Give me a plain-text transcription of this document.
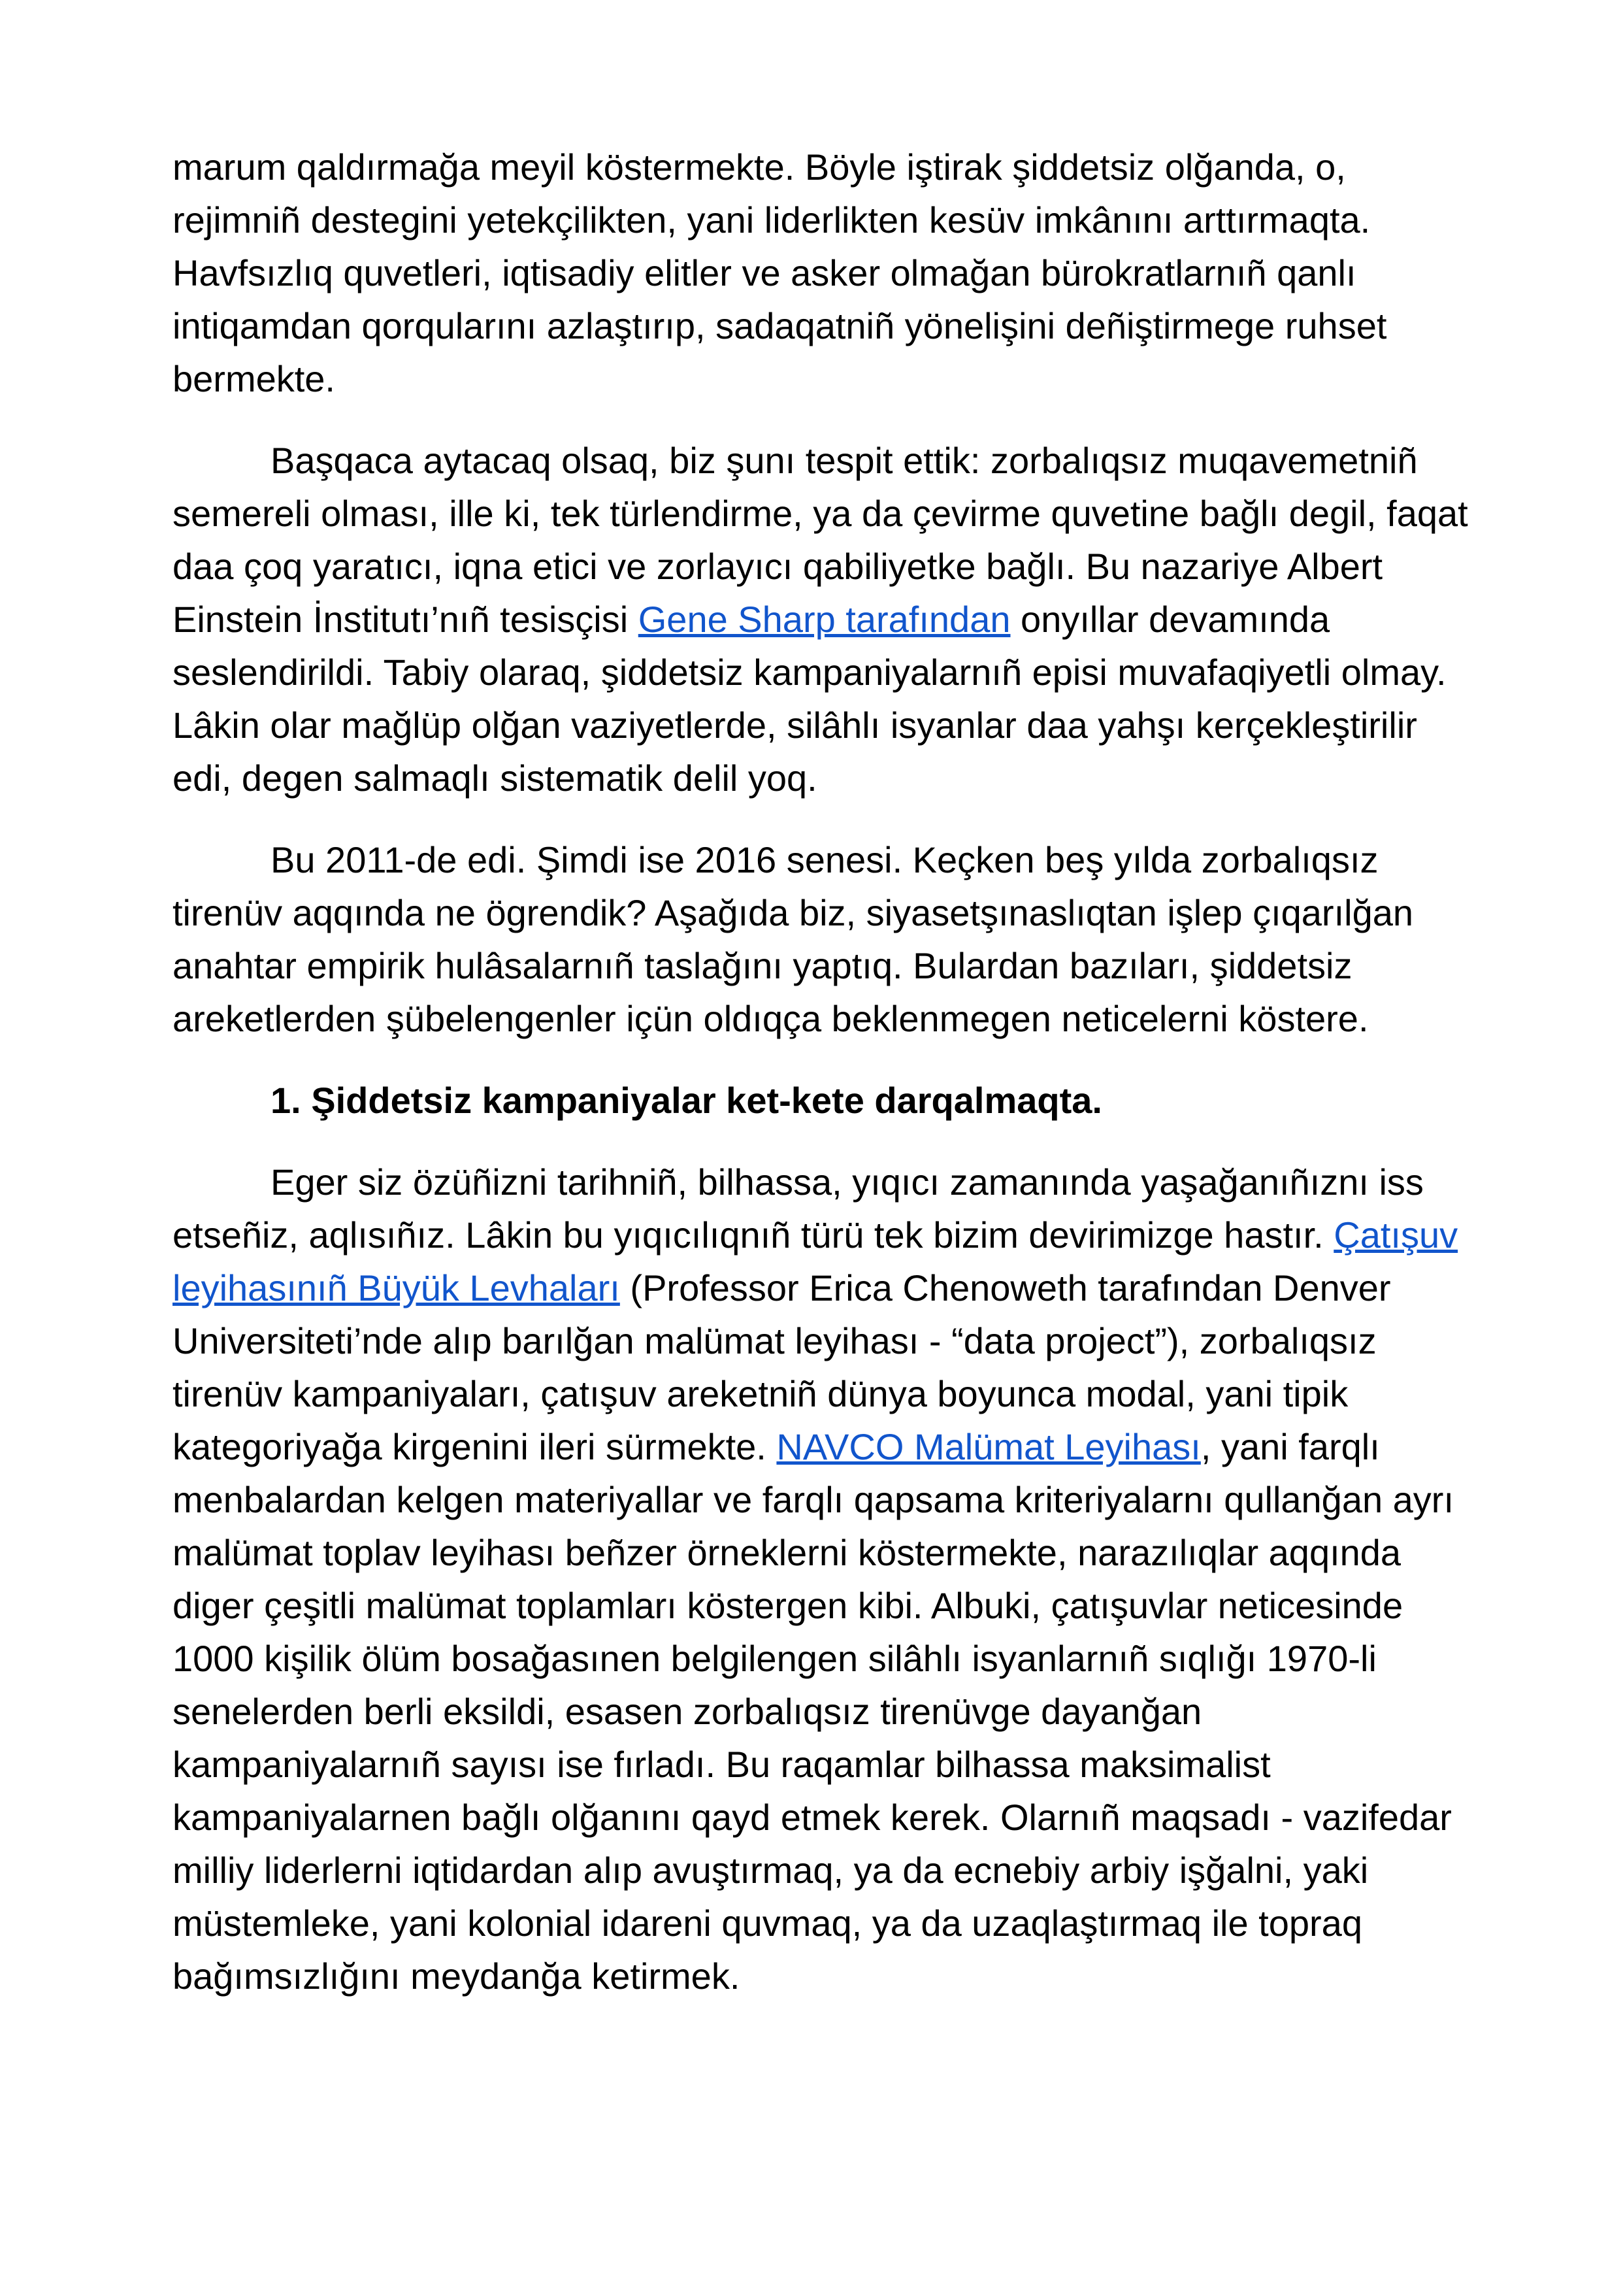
marum qaldırmağa meyil köstermekte. Böyle iştirak şiddetsiz olğanda, o, rejimniñ destegini yetekçilikten, yani liderlikten kesüv imkânını arttırmaqta. Havfsızlıq quvetleri, iqtisadiy elitler ve asker olmağan bürokratlarnıñ qanlı intiqamdan qorqularını azlaştırıp, sadaqatniñ yönelişini deñiştirmege ruhset bermekte.

Başqaca aytacaq olsaq, biz şunı tespit ettik: zorbalıqsız muqavemetniñ semereli olması, ille ki, tek türlendirme, ya da çevirme quvetine bağlı degil, faqat daa çoq yaratıcı, iqna etici ve zorlayıcı qabiliyetke bağlı. Bu nazariye Albert Einstein İnstitutı’nıñ tesisçisi Gene Sharp tarafından onyıllar devamında seslendirildi. Tabiy olaraq, şiddetsiz kampaniyalarnıñ episi muvafaqiyetli olmay. Lâkin olar mağlüp olğan vaziyetlerde, silâhlı isyanlar daa yahşı kerçekleştirilir edi, degen salmaqlı sistematik delil yoq.

Bu 2011-de edi. Şimdi ise 2016 senesi. Keçken beş yılda zorbalıqsız tirenüv aqqında ne ögrendik? Aşağıda biz, siyasetşınaslıqtan işlep çıqarılğan anahtar empirik hulâsalarnıñ taslağını yaptıq. Bulardan bazıları, şiddetsiz areketlerden şübelengenler içün oldıqça beklenmegen neticelerni köstere.

1. Şiddetsiz kampaniyalar ket-kete darqalmaqta.

Eger siz özüñizni tarihniñ, bilhassa, yıqıcı zamanında yaşağanıñıznı iss etseñiz, aqlısıñız. Lâkin bu yıqıcılıqnıñ türü tek bizim devirimizge hastır. Çatışuv leyihasınıñ Büyük Levhaları (Professor Erica Chenoweth tarafından Denver Universiteti’nde alıp barılğan malümat leyihası - “data project”), zorbalıqsız tirenüv kampaniyaları, çatışuv areketniñ dünya boyunca modal, yani tipik kategoriyağa kirgenini ileri sürmekte. NAVCO Malümat Leyihası, yani farqlı menbalardan kelgen materiyallar ve farqlı qapsama kriteriyalarnı qullanğan ayrı malümat toplav leyihası beñzer örneklerni köstermekte, narazılıqlar aqqında diger çeşitli malümat toplamları köstergen kibi. Albuki, çatışuvlar neticesinde 1000 kişilik ölüm bosağasınen belgilengen silâhlı isyanlarnıñ sıqlığı 1970-li senelerden berli eksildi, esasen zorbalıqsız tirenüvge dayanğan kampaniyalarnıñ sayısı ise fırladı. Bu raqamlar bilhassa maksimalist kampaniyalarnen bağlı olğanını qayd etmek kerek. Olarnıñ maqsadı - vazifedar milliy liderlerni iqtidardan alıp avuştırmaq, ya da ecnebiy arbiy işğalni, yaki müstemleke, yani kolonial idareni quvmaq, ya da uzaqlaştırmaq ile topraq bağımsızlığını meydanğa ketirmek.
